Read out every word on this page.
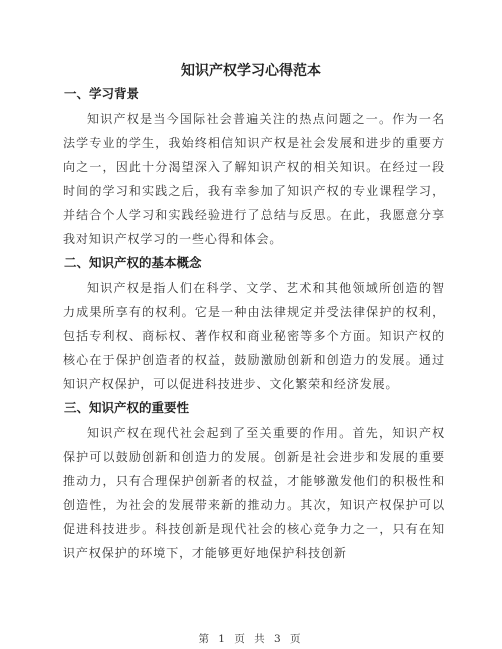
知识产权学习心得范本
一、学习背景

知识产权是当今国际社会普遍关注的热点问题之一。作为一名法学专业的学生，我始终相信知识产权是社会发展和进步的重要方向之一，因此十分渴望深入了解知识产权的相关知识。在经过一段时间的学习和实践之后，我有幸参加了知识产权的专业课程学习，并结合个人学习和实践经验进行了总结与反思。在此，我愿意分享我对知识产权学习的一些心得和体会。

二、知识产权的基本概念

知识产权是指人们在科学、文学、艺术和其他领域所创造的智力成果所享有的权利。它是一种由法律规定并受法律保护的权利，包括专利权、商标权、著作权和商业秘密等多个方面。知识产权的核心在于保护创造者的权益，鼓励激励创新和创造力的发展。通过知识产权保护，可以促进科技进步、文化繁荣和经济发展。

三、知识产权的重要性

知识产权在现代社会起到了至关重要的作用。首先，知识产权保护可以鼓励创新和创造力的发展。创新是社会进步和发展的重要推动力，只有合理保护创新者的权益，才能够激发他们的积极性和创造性，为社会的发展带来新的推动力。其次，知识产权保护可以促进科技进步。科技创新是现代社会的核心竞争力之一，只有在知识产权保护的环境下，才能够更好地保护科技创新

第 1 页 共 3 页
